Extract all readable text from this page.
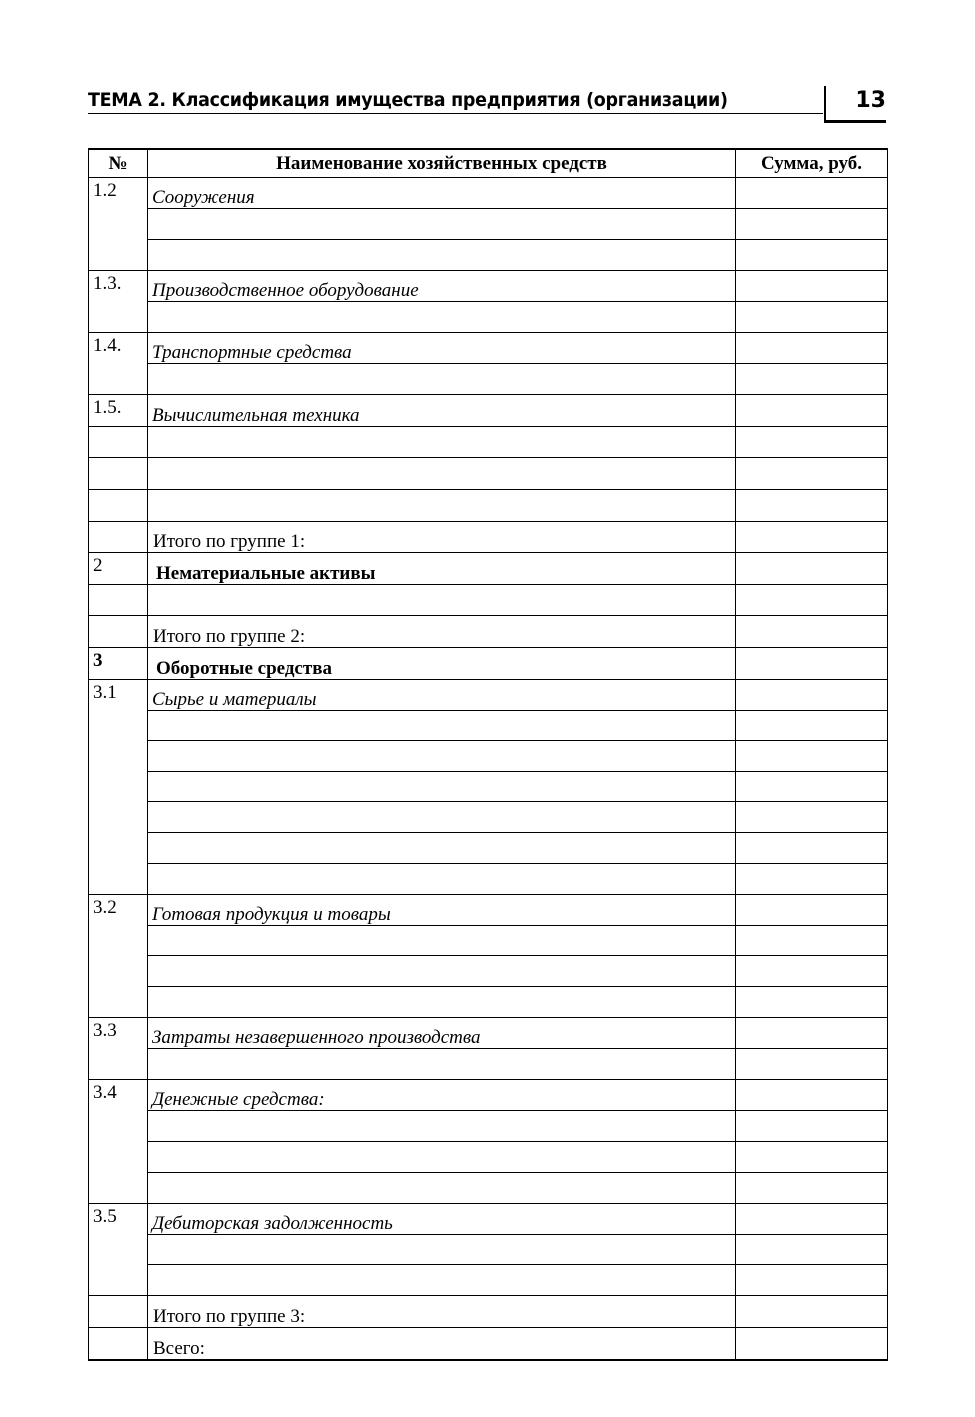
ТЕМА 2. Классификация имущества предприятия (организации)	13
№	Наименование хозяйственных средств	Сумма, руб.
1.2	Сооружения	

1.3.	Производственное оборудование	

1.4.	Транспортные средства	

1.5.	Вычислительная техника	

	Итого по группе 1:	
2	Нематериальные активы	

	Итого по группе 2:	
3	Оборотные средства	
3.1	Сырье и материалы	

3.2	Готовая продукция и товары	

3.3	Затраты незавершенного производства	

3.4	Денежные средства:	

3.5	Дебиторская задолженность	

	Итого по группе 3:	
	Всего:	
